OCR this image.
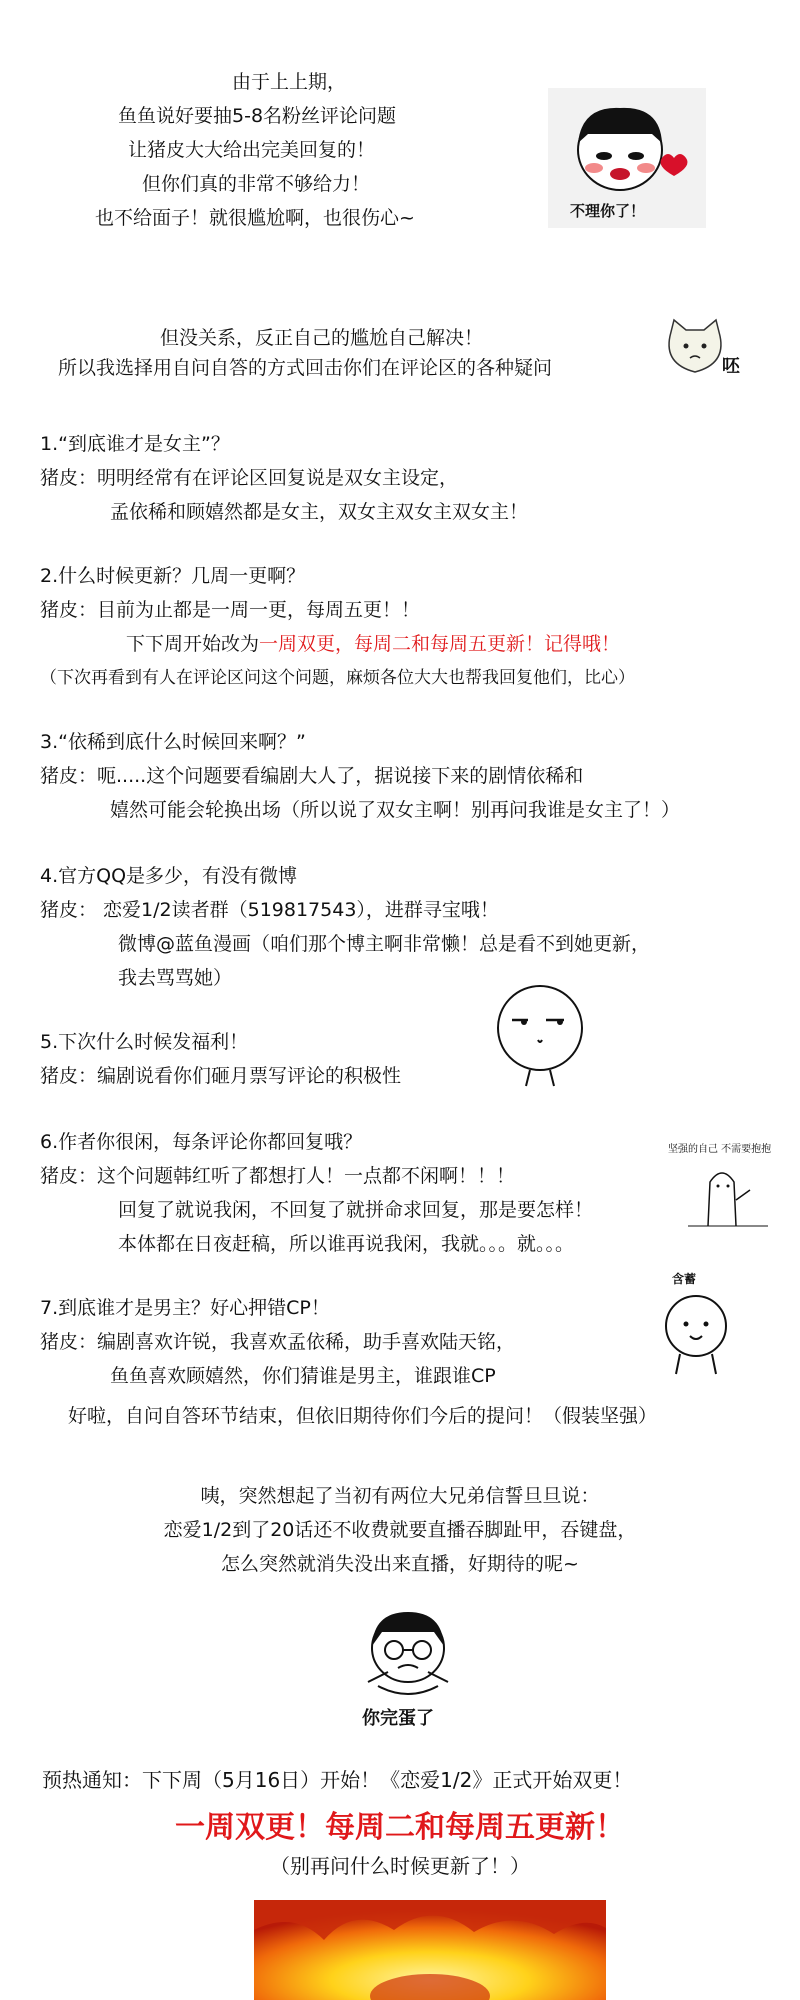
由于上上期，
鱼鱼说好要抽5-8名粉丝评论问题
让猪皮大大给出完美回复的！
但你们真的非常不够给力！
也不给面子！就很尴尬啊，也很伤心~	不理你了！
但没关系，反正自己的尴尬自己解决！
所以我选择用自问自答的方式回击你们在评论区的各种疑问	呸
1.“到底谁才是女主”？
猪皮：明明经常有在评论区回复说是双女主设定，
孟依稀和顾嬉然都是女主，双女主双女主双女主！
2.什么时候更新？几周一更啊？
猪皮：目前为止都是一周一更，每周五更！！
下下周开始改为一周双更，每周二和每周五更新！记得哦！
（下次再看到有人在评论区问这个问题，麻烦各位大大也帮我回复他们，比心）
3.“依稀到底什么时候回来啊？”
猪皮：呃.....这个问题要看编剧大人了，据说接下来的剧情依稀和
嬉然可能会轮换出场（所以说了双女主啊！别再问我谁是女主了！）
4.官方QQ是多少，有没有微博
猪皮： 恋爱1/2读者群（519817543），进群寻宝哦！
微博@蓝鱼漫画（咱们那个博主啊非常懒！总是看不到她更新，
我去骂骂她）
5.下次什么时候发福利！
猪皮：编剧说看你们砸月票写评论的积极性
6.作者你很闲，每条评论你都回复哦？
猪皮：这个问题韩红听了都想打人！一点都不闲啊！！！
回复了就说我闲，不回复了就拼命求回复，那是要怎样！
本体都在日夜赶稿，所以谁再说我闲，我就。。。就。。。
坚强的自己 不需要抱抱
7.到底谁才是男主？好心押错CP！
猪皮：编剧喜欢许锐，我喜欢孟依稀，助手喜欢陆天铭，
鱼鱼喜欢顾嬉然，你们猜谁是男主，谁跟谁CP
含蓄
好啦，自问自答环节结束，但依旧期待你们今后的提问！（假装坚强）
咦，突然想起了当初有两位大兄弟信誓旦旦说：
恋爱1/2到了20话还不收费就要直播吞脚趾甲，吞键盘，
怎么突然就消失没出来直播，好期待的呢~
你完蛋了
预热通知：下下周（5月16日）开始！《恋爱1/2》正式开始双更！
一周双更！每周二和每周五更新！
（别再问什么时候更新了！）
